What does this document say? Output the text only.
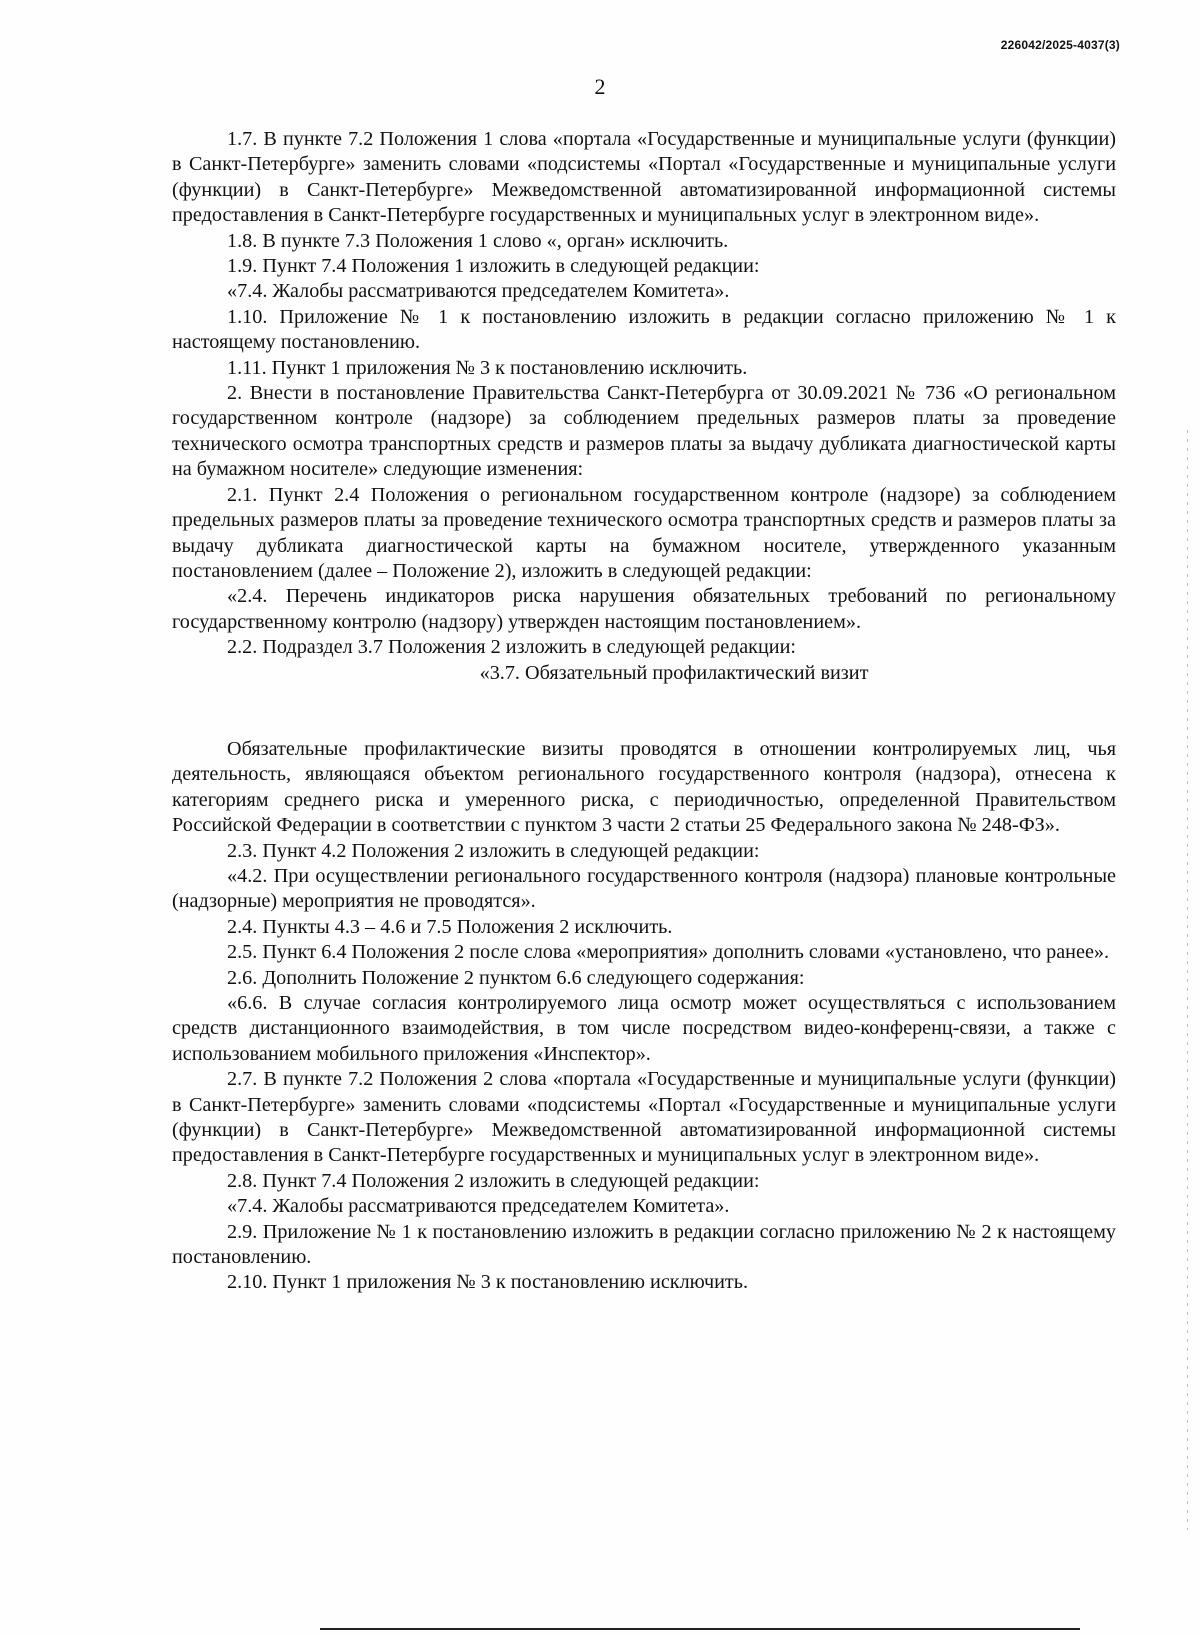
226042/2025-4037(3)
2

1.7. В пункте 7.2 Положения 1 слова «портала «Государственные и муниципальные услуги (функции) в Санкт-Петербурге» заменить словами «подсистемы «Портал «Государственные и муниципальные услуги (функции) в Санкт-Петербурге» Межведомственной автоматизированной информационной системы предоставления в Санкт-Петербурге государственных и муниципальных услуг в электронном виде».

1.8. В пункте 7.3 Положения 1 слово «, орган» исключить.

1.9. Пункт 7.4 Положения 1 изложить в следующей редакции:

«7.4. Жалобы рассматриваются председателем Комитета».

1.10. Приложение № 1 к постановлению изложить в редакции согласно приложению № 1 к настоящему постановлению.

1.11. Пункт 1 приложения № 3 к постановлению исключить.

2. Внести в постановление Правительства Санкт-Петербурга от 30.09.2021 № 736 «О региональном государственном контроле (надзоре) за соблюдением предельных размеров платы за проведение технического осмотра транспортных средств и размеров платы за выдачу дубликата диагностической карты на бумажном носителе» следующие изменения:

2.1. Пункт 2.4 Положения о региональном государственном контроле (надзоре) за соблюдением предельных размеров платы за проведение технического осмотра транспортных средств и размеров платы за выдачу дубликата диагностической карты на бумажном носителе, утвержденного указанным постановлением (далее – Положение 2), изложить в следующей редакции:

«2.4. Перечень индикаторов риска нарушения обязательных требований по региональному государственному контролю (надзору) утвержден настоящим постановлением».

2.2. Подраздел 3.7 Положения 2 изложить в следующей редакции:

«3.7. Обязательный профилактический визит

Обязательные профилактические визиты проводятся в отношении контролируемых лиц, чья деятельность, являющаяся объектом регионального государственного контроля (надзора), отнесена к категориям среднего риска и умеренного риска, с периодичностью, определенной Правительством Российской Федерации в соответствии с пунктом 3 части 2 статьи 25 Федерального закона № 248-ФЗ».

2.3. Пункт 4.2 Положения 2 изложить в следующей редакции:

«4.2. При осуществлении регионального государственного контроля (надзора) плановые контрольные (надзорные) мероприятия не проводятся».

2.4. Пункты 4.3 – 4.6 и 7.5 Положения 2 исключить.

2.5. Пункт 6.4 Положения 2 после слова «мероприятия» дополнить словами «установлено, что ранее».

2.6. Дополнить Положение 2 пунктом 6.6 следующего содержания:

«6.6. В случае согласия контролируемого лица осмотр может осуществляться с использованием средств дистанционного взаимодействия, в том числе посредством видео-конференц-связи, а также с использованием мобильного приложения «Инспектор».

2.7. В пункте 7.2 Положения 2 слова «портала «Государственные и муниципальные услуги (функции) в Санкт-Петербурге» заменить словами «подсистемы «Портал «Государственные и муниципальные услуги (функции) в Санкт-Петербурге» Межведомственной автоматизированной информационной системы предоставления в Санкт-Петербурге государственных и муниципальных услуг в электронном виде».

2.8. Пункт 7.4 Положения 2 изложить в следующей редакции:

«7.4. Жалобы рассматриваются председателем Комитета».

2.9. Приложение № 1 к постановлению изложить в редакции согласно приложению № 2 к настоящему постановлению.

2.10. Пункт 1 приложения № 3 к постановлению исключить.
